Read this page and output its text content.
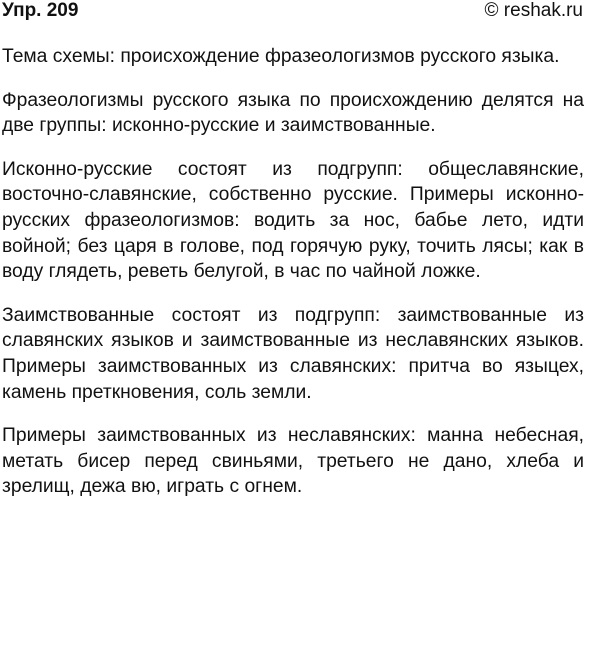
Упр. 209	© reshak.ru

Тема схемы: происхождение фразеологизмов русского языка.

Фразеологизмы русского языка по происхождению делятся на две группы: исконно-русские и заимствованные.

Исконно-русские состоят из подгрупп: общеславянские, восточно-славянские, собственно русские. Примеры исконно-русских фразеологизмов: водить за нос, бабье лето, идти войной; без царя в голове, под горячую руку, точить лясы; как в воду глядеть, реветь белугой, в час по чайной ложке.

Заимствованные состоят из подгрупп: заимствованные из славянских языков и заимствованные из неславянских языков. Примеры заимствованных из славянских: притча во языцех, камень преткновения, соль земли.

Примеры заимствованных из неславянских: манна небесная, метать бисер перед свиньями, третьего не дано, хлеба и зрелищ, дежа вю, играть с огнем.
